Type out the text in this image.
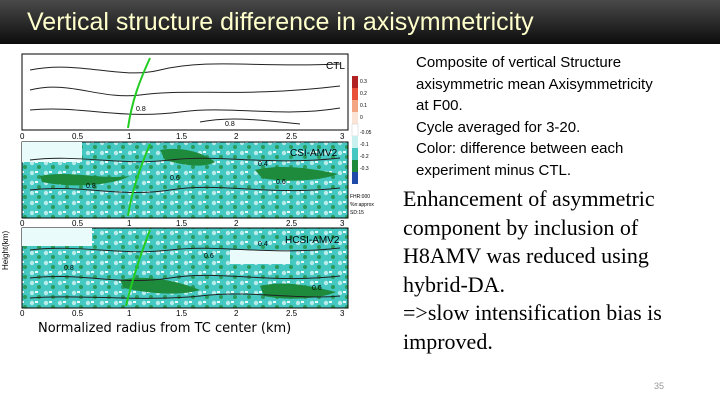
Vertical structure difference in axisymmetricity
Height(km)
CTL
0.8
0.8
CSI-AMV2
0.6
0.4
0.8
0.6
HCSI-AMV2
0.4
0.6
0.8
0.6
0	0.5	1	1.5	2	2.5	3
0	0.5	1	1.5	2	2.5	3
0	0.5	1	1.5	2	2.5	3
0.3
0.2
0.1
0
-0.05
-0.1
-0.2
-0.3
FHR:000
%n:approx
SD:15
Normalized radius from TC center (km)
Composite of vertical Structure
axisymmetric mean Axisymmetricity
at F00.
Cycle averaged for 3-20.
Color: difference between each
experiment minus CTL.
Enhancement of asymmetric
component by inclusion of
H8AMV was reduced using
hybrid-DA.
=>slow intensification bias is
improved.
35
